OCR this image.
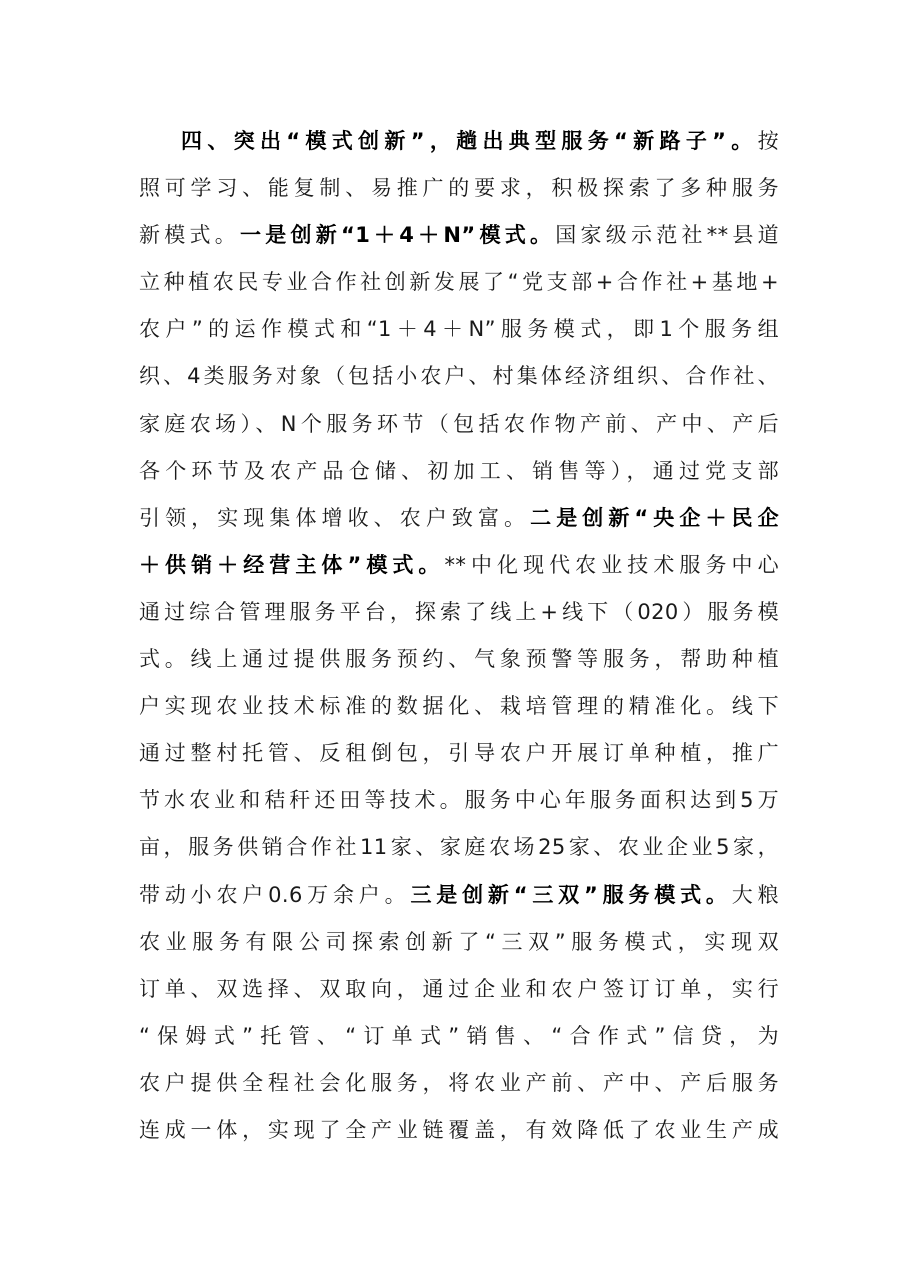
四、突出“模式创新”，趟出典型服务“新路子”。按
照可学习、能复制、易推广的要求，积极探索了多种服务
新模式。一是创新“1＋4＋N”模式。国家级示范社**县道
立种植农民专业合作社创新发展了“党支部+合作社+基地+
农户”的运作模式和“1＋4＋N”服务模式，即1个服务组
织、4类服务对象（包括小农户、村集体经济组织、合作社、
家庭农场）、N个服务环节（包括农作物产前、产中、产后
各个环节及农产品仓储、初加工、销售等），通过党支部
引领，实现集体增收、农户致富。二是创新“央企＋民企
＋供销＋经营主体”模式。**中化现代农业技术服务中心
通过综合管理服务平台，探索了线上+线下（020）服务模
式。线上通过提供服务预约、气象预警等服务，帮助种植
户实现农业技术标准的数据化、栽培管理的精准化。线下
通过整村托管、反租倒包，引导农户开展订单种植，推广
节水农业和秸秆还田等技术。服务中心年服务面积达到5万
亩，服务供销合作社11家、家庭农场25家、农业企业5家，
带动小农户0.6万余户。三是创新“三双”服务模式。大粮
农业服务有限公司探索创新了“三双”服务模式，实现双
订单、双选择、双取向，通过企业和农户签订订单，实行
“保姆式”托管、“订单式”销售、“合作式”信贷，为
农户提供全程社会化服务，将农业产前、产中、产后服务
连成一体，实现了全产业链覆盖，有效降低了农业生产成
